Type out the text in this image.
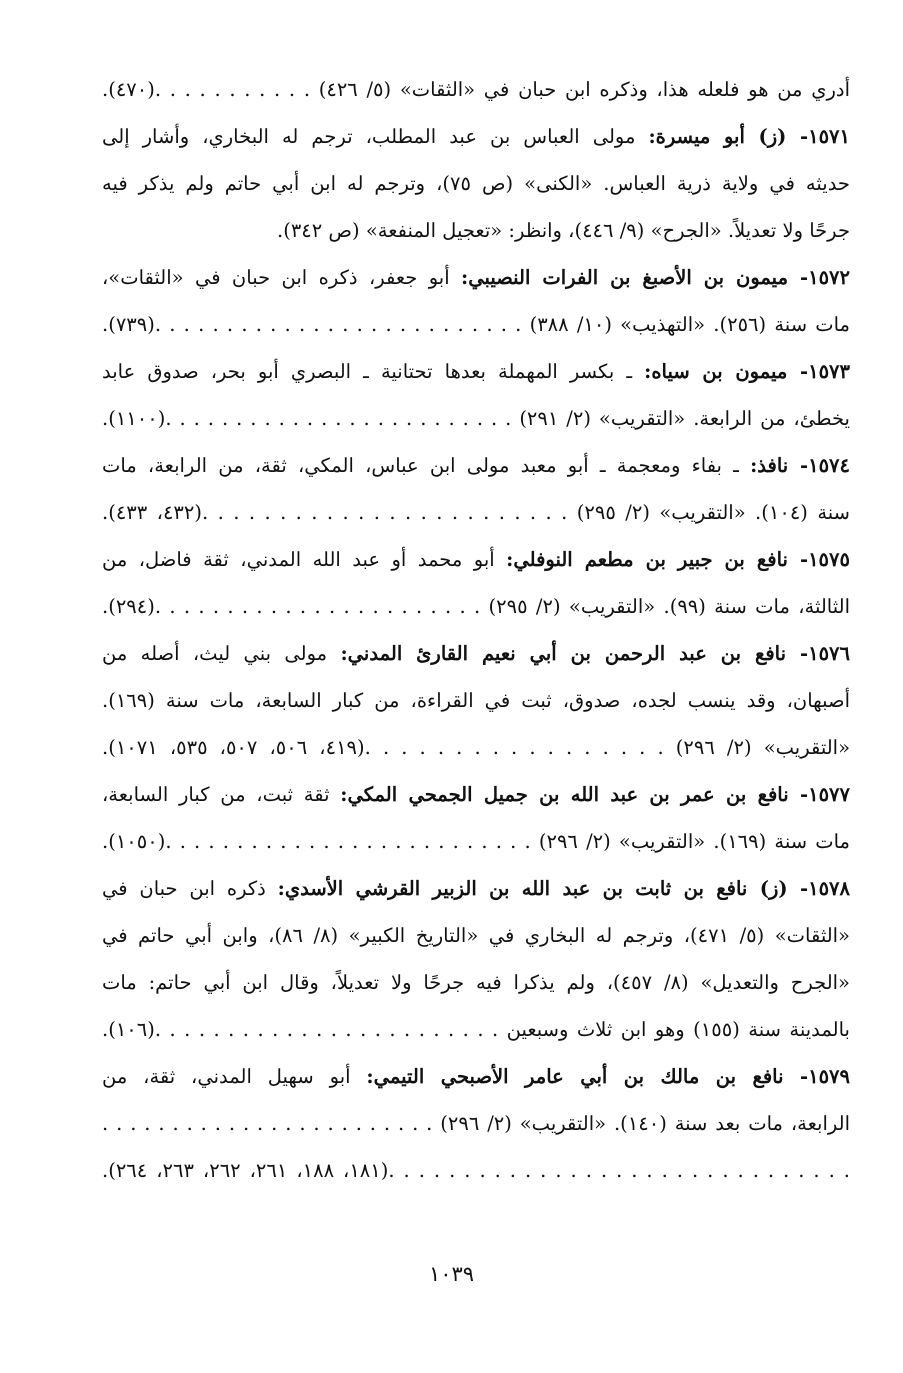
أدري من هو فلعله هذا، وذكره ابن حبان في «الثقات» (٥/ ٤٢٦)‌ . . . . . . . . . . .(٤٧٠).
١٥٧١- (ز) أبو ميسرة: مولى العباس بن عبد المطلب، ترجم له البخاري، وأشار إلى
حديثه في ولاية ذرية العباس. «الكنى» (ص ٧٥)، وترجم له ابن أبي حاتم ولم يذكر فيه
جرحًا ولا تعديلاً. «الجرح» (٩/ ٤٤٦)، وانظر: «تعجيل المنفعة» (ص ٣٤٢).
١٥٧٢- ميمون بن الأصبغ بن الفرات النصيبي: أبو جعفر، ذكره ابن حبان في «الثقات»،
مات سنة (٢٥٦). «التهذيب» (١٠/ ٣٨٨) . . . . . . . . . . . . . . . . . . . . . . . . . .(٧٣٩).
١٥٧٣- ميمون بن سياه: ـ بكسر المهملة بعدها تحتانية ـ البصري أبو بحر، صدوق عابد
يخطئ، من الرابعة. «التقريب» (٢/ ٢٩١) . . . . . . . . . . . . . . . . . . . . . . . . .(١١٠٠).
١٥٧٤- نافذ: ـ بفاء ومعجمة ـ أبو معبد مولى ابن عباس، المكي، ثقة، من الرابعة، مات
سنة (١٠٤). «التقريب» (٢/ ٢٩٥) . . . . . . . . . . . . . . . . . . . . . . . .(٤٣٢، ٤٣٣).
١٥٧٥- نافع بن جبير بن مطعم النوفلي: أبو محمد أو عبد الله المدني، ثقة فاضل، من
الثالثة، مات سنة (٩٩). «التقريب» (٢/ ٢٩٥) . . . . . . . . . . . . . . . . . . . . . . .(٢٩٤).
١٥٧٦- نافع بن عبد الرحمن بن أبي نعيم القارئ المدني: مولى بني ليث، أصله من
أصبهان، وقد ينسب لجده، صدوق، ثبت في القراءة، من كبار السابعة، مات سنة (١٦٩).
«التقريب» (٢/ ٢٩٦) . . . . . . . . . . . . . . . . .(٤١٩، ٥٠٦، ٥٠٧، ٥٣٥، ١٠٧١).
١٥٧٧- نافع بن عمر بن عبد الله بن جميل الجمحي المكي: ثقة ثبت، من كبار السابعة،
مات سنة (١٦٩). «التقريب» (٢/ ٢٩٦) . . . . . . . . . . . . . . . . . . . . . . . . . .(١٠٥٠).
١٥٧٨- (ز) نافع بن ثابت بن عبد الله بن الزبير القرشي الأسدي: ذكره ابن حبان في
«الثقات» (٥/ ٤٧١)، وترجم له البخاري في «التاريخ الكبير» (٨/ ٨٦)، وابن أبي حاتم في
«الجرح والتعديل» (٨/ ٤٥٧)، ولم يذكرا فيه جرحًا ولا تعديلاً، وقال ابن أبي حاتم: مات
بالمدينة سنة (١٥٥) وهو ابن ثلاث وسبعين . . . . . . . . . . . . . . . . . . . . . . . .(١٠٦).
١٥٧٩- نافع بن مالك بن أبي عامر الأصبحي التيمي: أبو سهيل المدني، ثقة، من
الرابعة، مات بعد سنة (١٤٠). «التقريب» (٢/ ٢٩٦) . . . . . . . . . . . . . . . . . . . . . . . .
. . . . . . . . . . . . . . . . . . . . . . . . . . . . . . .(١٨١، ١٨٨، ٢٦١، ٢٦٢، ٢٦٣، ٢٦٤).
١٠٣٩
